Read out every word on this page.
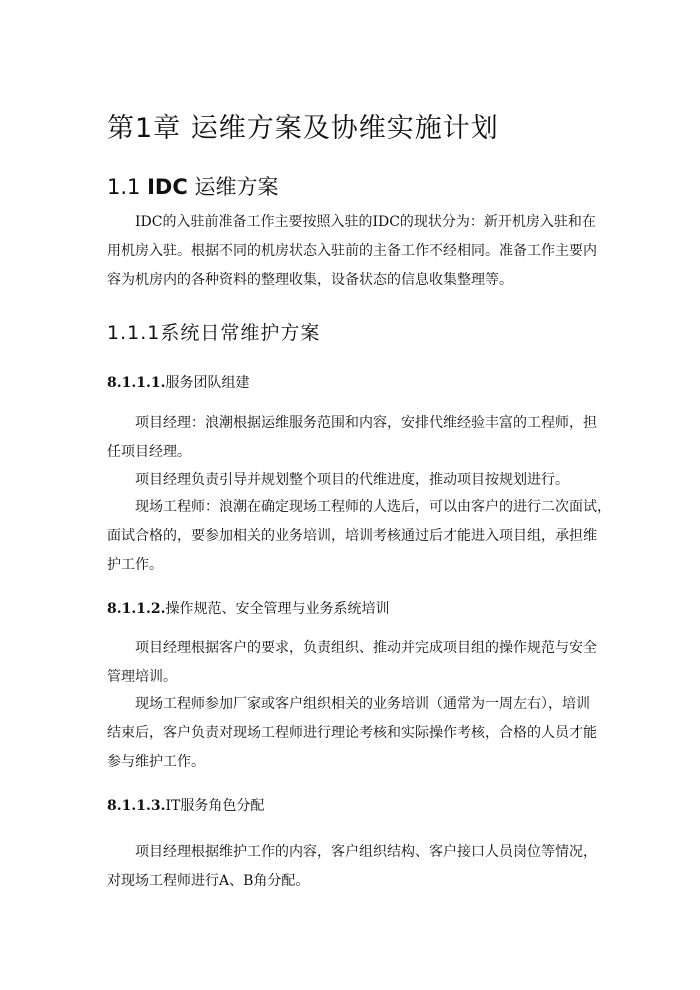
第1章 运维方案及协维实施计划
1.1 IDC 运维方案
IDC的入驻前准备工作主要按照入驻的IDC的现状分为：新开机房入驻和在
用机房入驻。根据不同的机房状态入驻前的主备工作不经相同。准备工作主要内
容为机房内的各种资料的整理收集，设备状态的信息收集整理等。
1.1.1系统日常维护方案
8.1.1.1.服务团队组建
项目经理：浪潮根据运维服务范围和内容，安排代维经验丰富的工程师，担
任项目经理。
项目经理负责引导并规划整个项目的代维进度，推动项目按规划进行。
现场工程师：浪潮在确定现场工程师的人选后，可以由客户的进行二次面试，
面试合格的，要参加相关的业务培训，培训考核通过后才能进入项目组，承担维
护工作。
8.1.1.2.操作规范、安全管理与业务系统培训
项目经理根据客户的要求，负责组织、推动并完成项目组的操作规范与安全
管理培训。
现场工程师参加厂家或客户组织相关的业务培训（通常为一周左右），培训
结束后，客户负责对现场工程师进行理论考核和实际操作考核，合格的人员才能
参与维护工作。
8.1.1.3.IT服务角色分配
项目经理根据维护工作的内容，客户组织结构、客户接口人员岗位等情况，
对现场工程师进行A、B角分配。
